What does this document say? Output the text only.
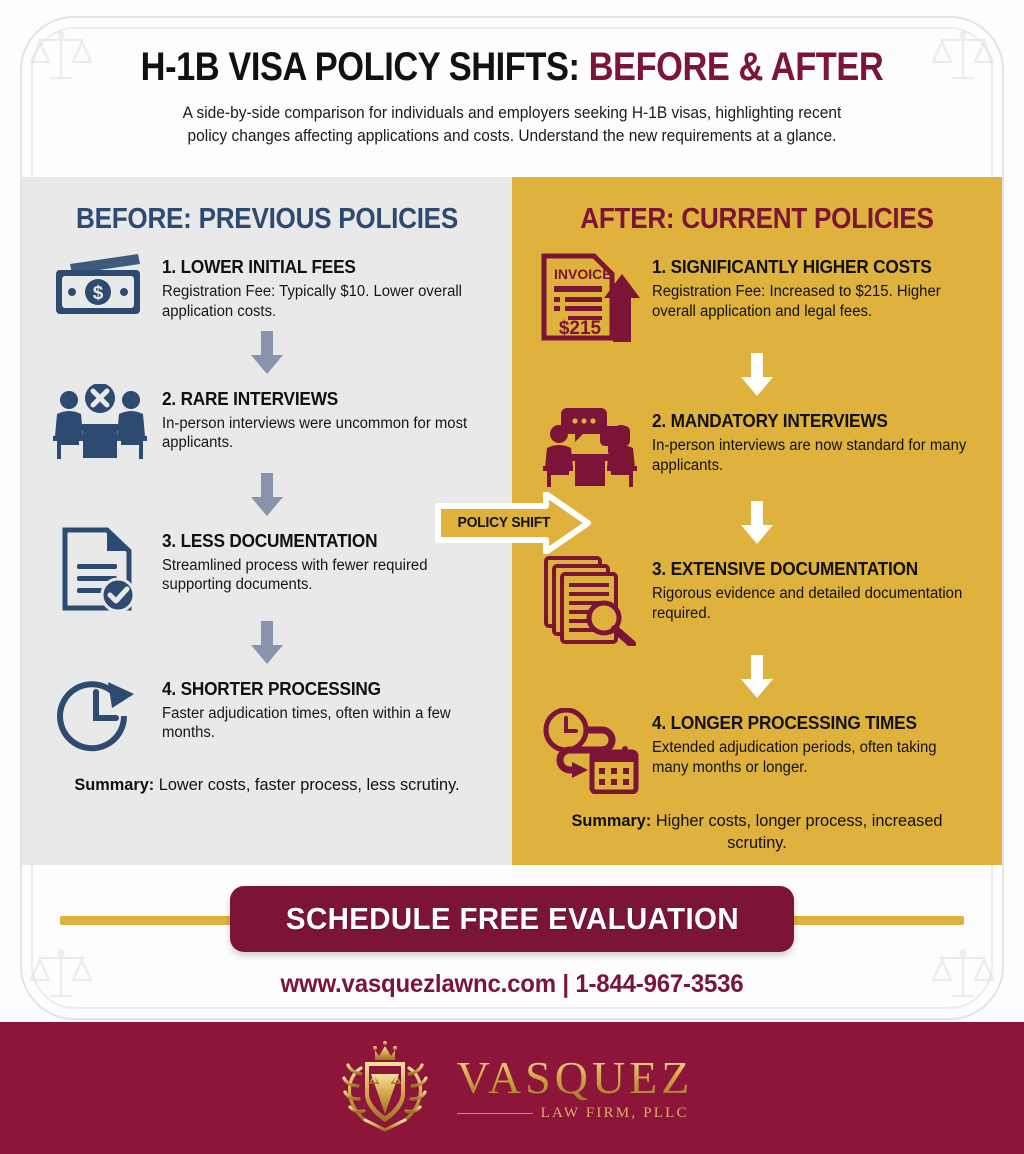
H-1B VISA POLICY SHIFTS: BEFORE & AFTER
A side-by-side comparison for individuals and employers seeking H-1B visas, highlighting recent
policy changes affecting applications and costs. Understand the new requirements at a glance.
BEFORE: PREVIOUS POLICIES
$
1. LOWER INITIAL FEES
Registration Fee: Typically $10. Lower overall application costs.
2. RARE INTERVIEWS
In-person interviews were uncommon for most applicants.
3. LESS DOCUMENTATION
Streamlined process with fewer required supporting documents.
4. SHORTER PROCESSING
Faster adjudication times, often within a few months.
Summary: Lower costs, faster process, less scrutiny.
AFTER: CURRENT POLICIES
INVOICE
$215
1. SIGNIFICANTLY HIGHER COSTS
Registration Fee: Increased to $215. Higher overall application and legal fees.
2. MANDATORY INTERVIEWS
In-person interviews are now standard for many applicants.
3. EXTENSIVE DOCUMENTATION
Rigorous evidence and detailed documentation required.
4. LONGER PROCESSING TIMES
Extended adjudication periods, often taking many months or longer.
Summary: Higher costs, longer process, increased scrutiny.
POLICY SHIFT
SCHEDULE FREE EVALUATION
www.vasquezlawnc.com | 1-844-967-3536
VASQUEZ
LAW FIRM, PLLC
